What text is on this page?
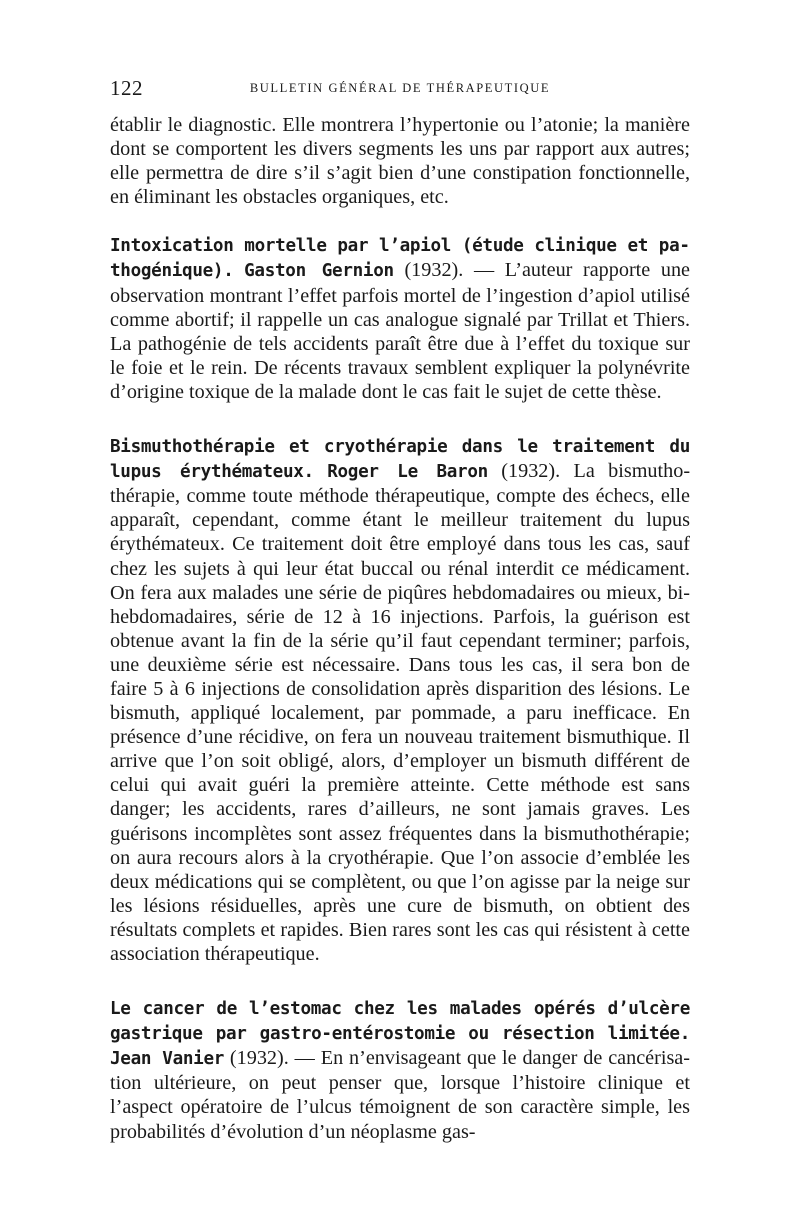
122	BULLETIN GÉNÉRAL DE THÉRAPEUTIQUE

établir le diagnostic. Elle montrera l’hypertonie ou l’atonie; la manière dont se comportent les divers segments les uns par rapport aux autres; elle permettra de dire s’il s’agit bien d’une constipation fonctionnelle, en éliminant les obstacles organiques, etc.

Intoxication mortelle par l’apiol (étude clinique et pathogénique). Gaston Gernion (1932). — L’auteur rapporte une observation montrant l’effet parfois mortel de l’ingestion d’apiol utilisé comme abortif; il rappelle un cas analogue signalé par Trillat et Thiers. La pathogénie de tels accidents paraît être due à l’effet du toxique sur le foie et le rein. De récents travaux semblent expliquer la polynévrite d’origine toxique de la malade dont le cas fait le sujet de cette thèse.

Bismuthothérapie et cryothérapie dans le traitement du lupus érythémateux. Roger Le Baron (1932). La bismuthothérapie, comme toute méthode thérapeutique, compte des échecs, elle apparaît, cependant, comme étant le meilleur traitement du lupus érythémateux. Ce traitement doit être employé dans tous les cas, sauf chez les sujets à qui leur état buccal ou rénal interdit ce médicament. On fera aux malades une série de piqûres hebdomadaires ou mieux, bi-hebdomadaires, série de 12 à 16 injections. Parfois, la guérison est obtenue avant la fin de la série qu’il faut cependant terminer; parfois, une deuxième série est nécessaire. Dans tous les cas, il sera bon de faire 5 à 6 injections de consolidation après disparition des lésions. Le bismuth, appliqué localement, par pommade, a paru inefficace. En présence d’une récidive, on fera un nouveau traitement bismuthique. Il arrive que l’on soit obligé, alors, d’employer un bismuth différent de celui qui avait guéri la première atteinte. Cette méthode est sans danger; les accidents, rares d’ailleurs, ne sont jamais graves. Les guérisons incomplètes sont assez fréquentes dans la bismuthothérapie; on aura recours alors à la cryothérapie. Que l’on associe d’emblée les deux médications qui se complètent, ou que l’on agisse par la neige sur les lésions résiduelles, après une cure de bismuth, on obtient des résultats complets et rapides. Bien rares sont les cas qui résistent à cette association thérapeutique.

Le cancer de l’estomac chez les malades opérés d’ulcère gastrique par gastro-entérostomie ou résection limitée. Jean Vanier (1932). — En n’envisageant que le danger de cancérisation ultérieure, on peut penser que, lorsque l’histoire clinique et l’aspect opératoire de l’ulcus témoignent de son caractère simple, les probabilités d’évolution d’un néoplasme gas-
